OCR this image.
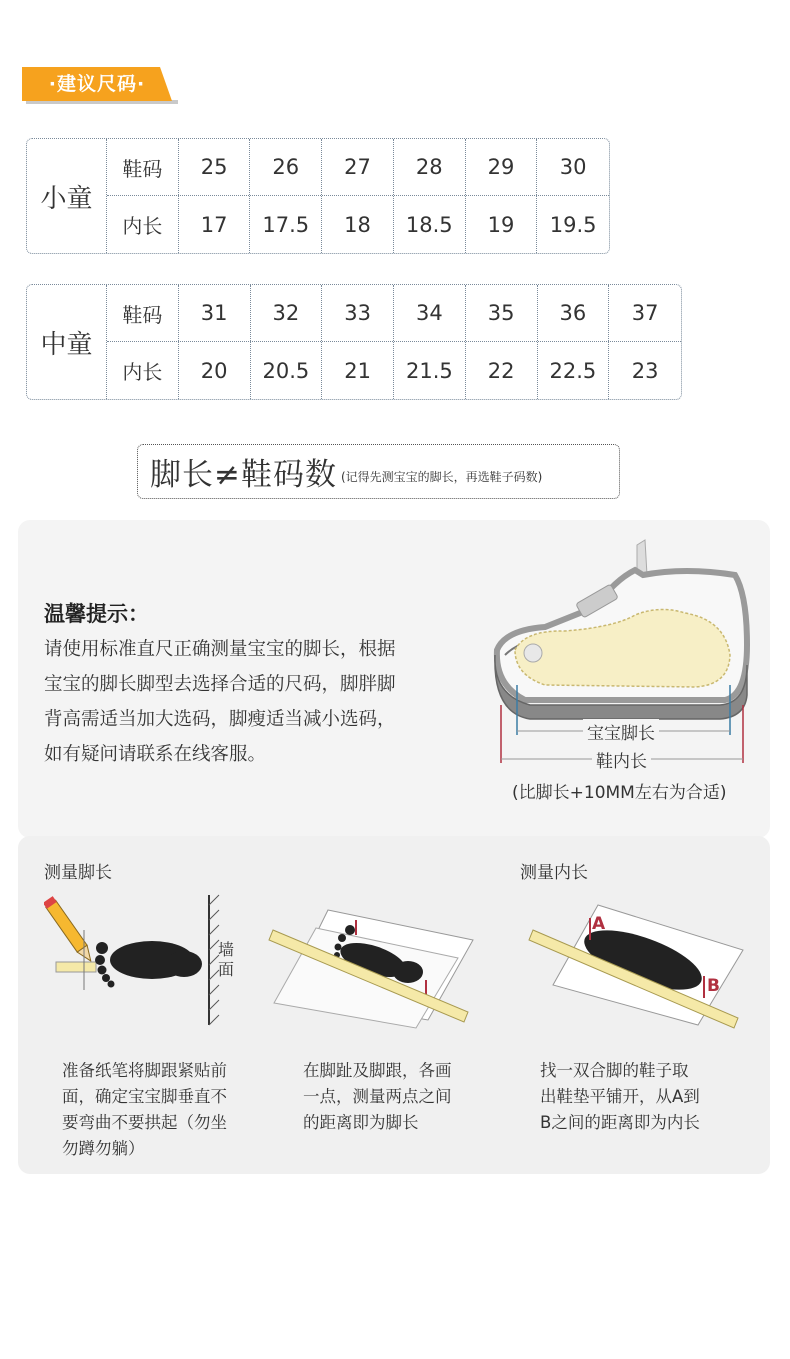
·建议尺码·
小童
鞋码	25	26	27	28	29	30
内长	17	17.5	18	18.5	19	19.5
中童
鞋码	31	32	33	34	35	36	37
内长	20	20.5	21	21.5	22	22.5	23
脚长≠鞋码数 (记得先测宝宝的脚长，再选鞋子码数)
温馨提示：
请使用标准直尺正确测量宝宝的脚长，根据
宝宝的脚长脚型去选择合适的尺码，脚胖脚
背高需适当加大选码，脚瘦适当减小选码，
如有疑问请联系在线客服。
宝宝脚长
鞋内长
(比脚长+10MM左右为合适)
测量脚长	测量内长
墙面
A
B
准备纸笔将脚跟紧贴前
面，确定宝宝脚垂直不
要弯曲不要拱起（勿坐
勿蹲勿躺）
在脚趾及脚跟，各画
一点，测量两点之间
的距离即为脚长
找一双合脚的鞋子取
出鞋垫平铺开，从A到
B之间的距离即为内长
